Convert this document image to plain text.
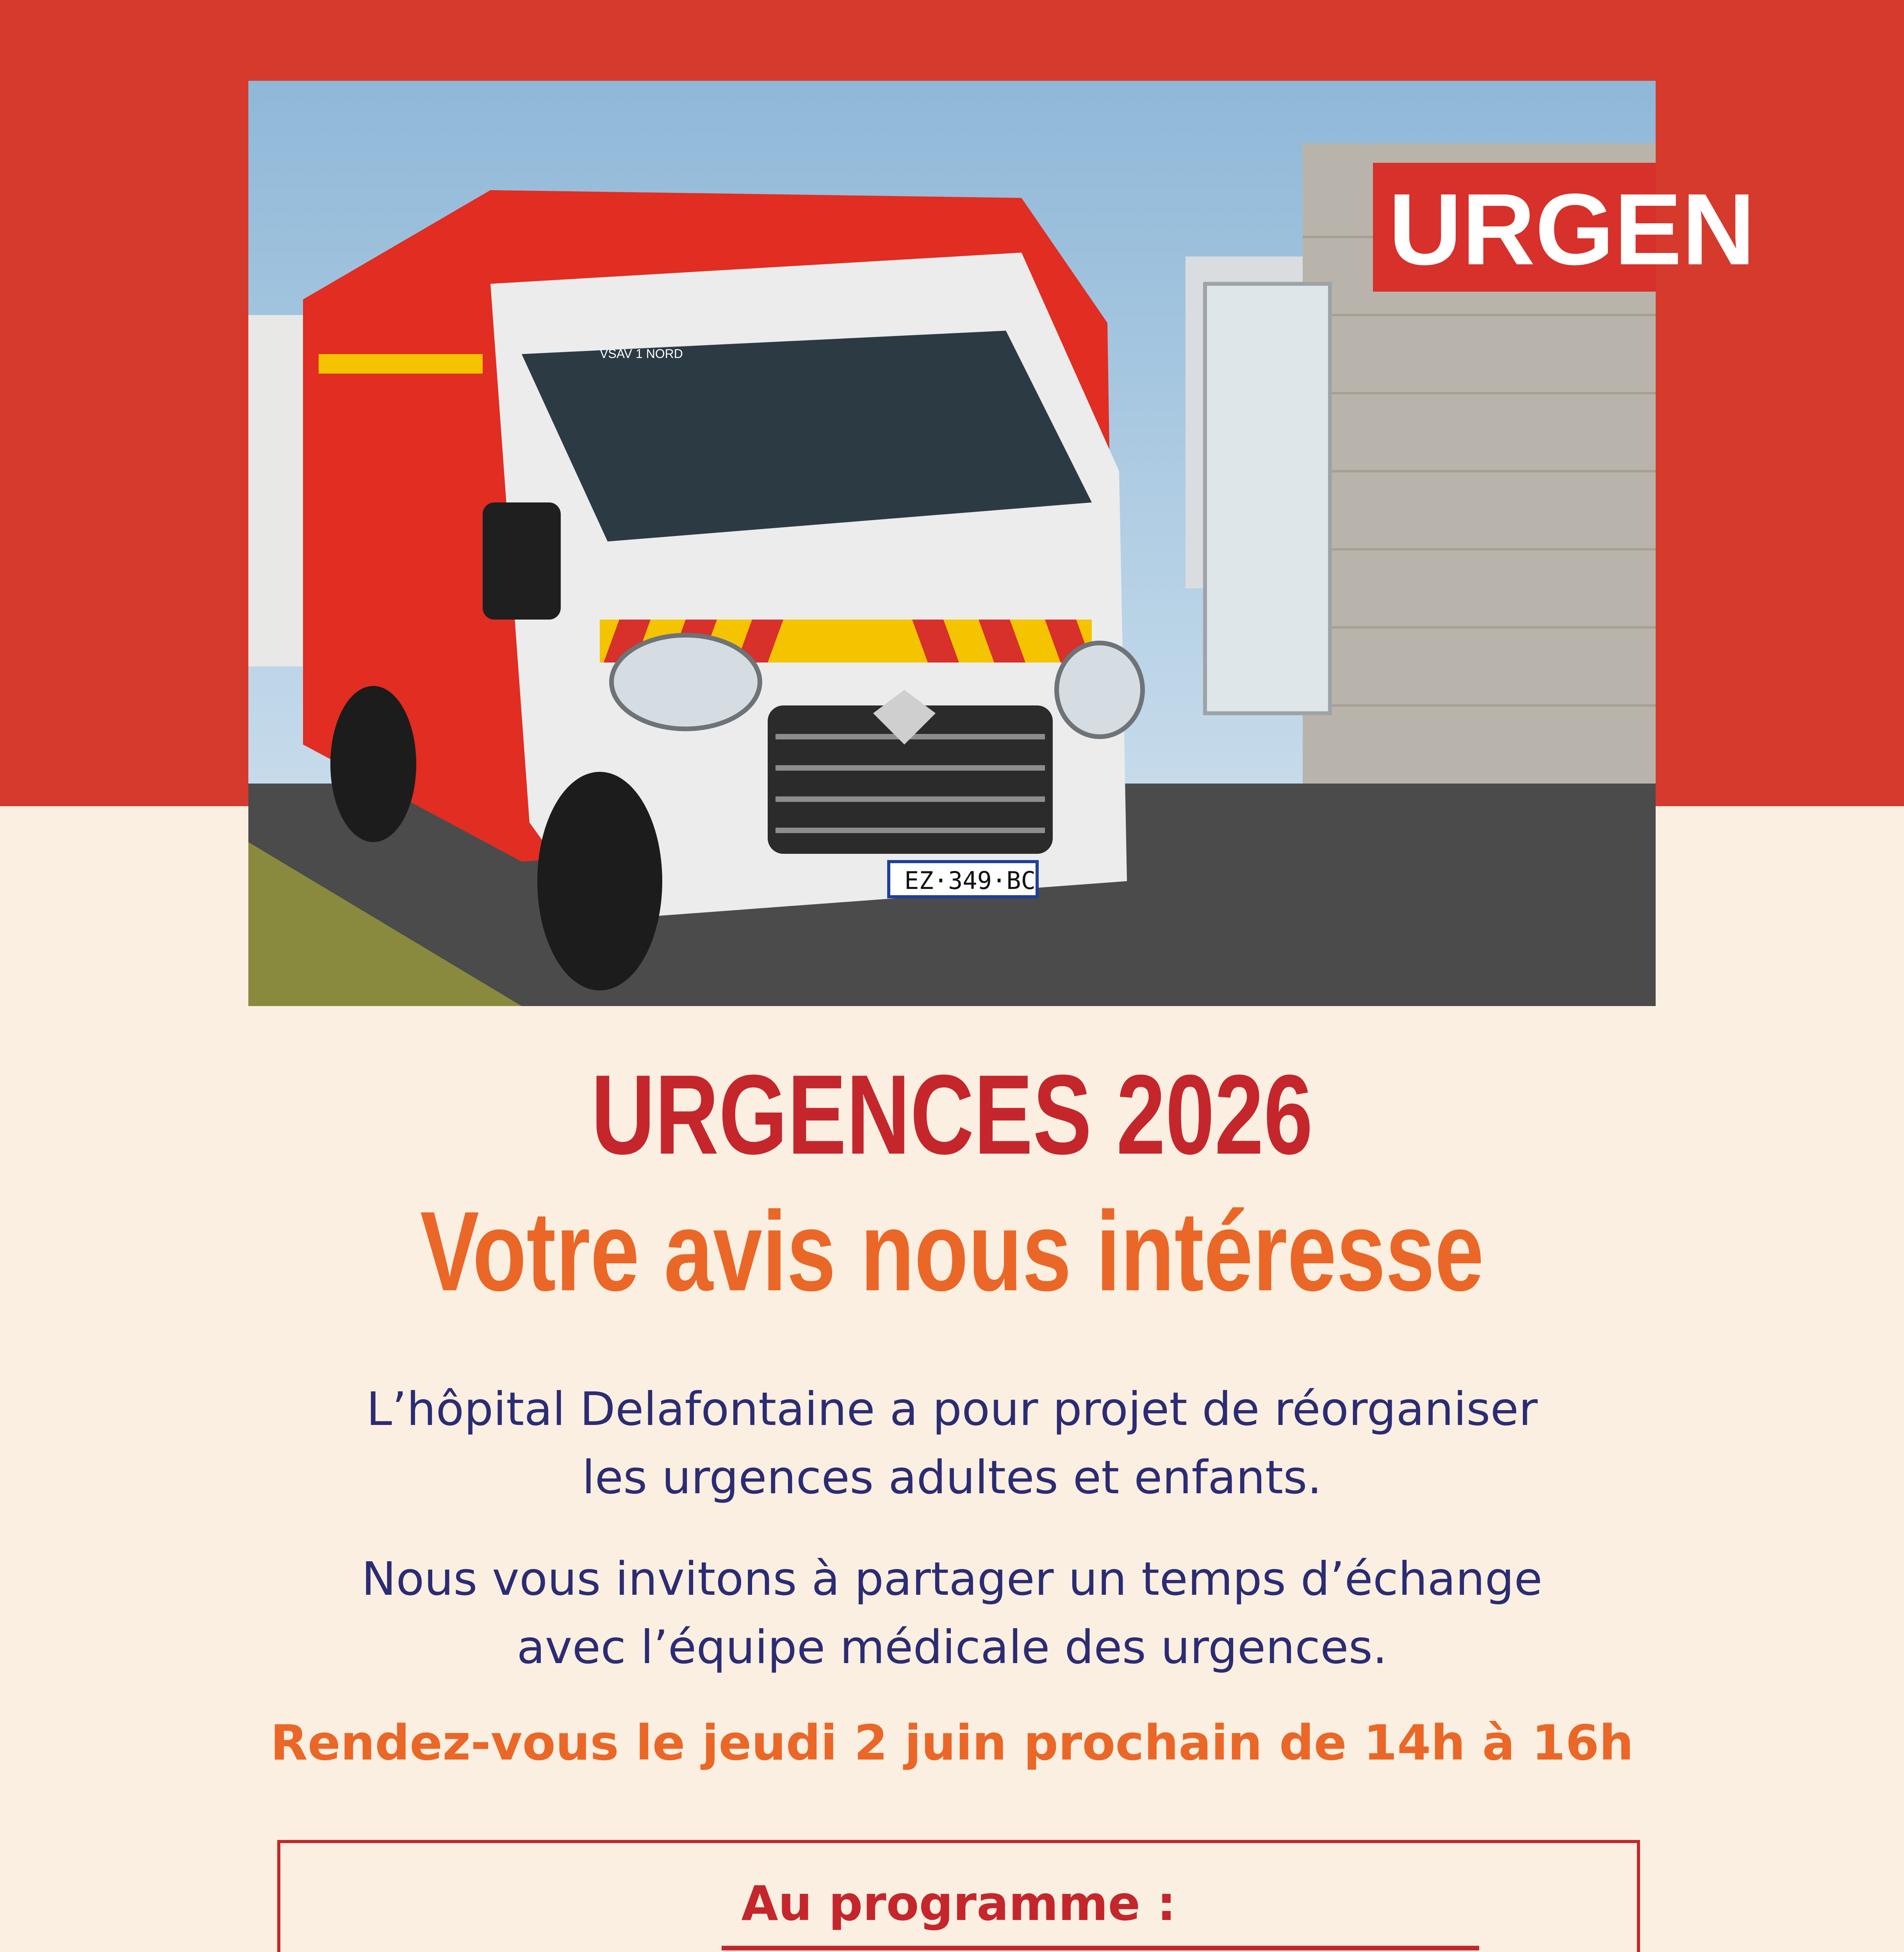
URGEN
VSAV 1 NORD
EZ·349·BC
URGENCES 2026
Votre avis nous intéresse
L’hôpital Delafontaine a pour projet de réorganiser
les urgences adultes et enfants.
Nous vous invitons à partager un temps d’échange
avec l’équipe médicale des urgences.
Rendez-vous le jeudi 2 juin prochain de 14h à 16h
Au programme :
